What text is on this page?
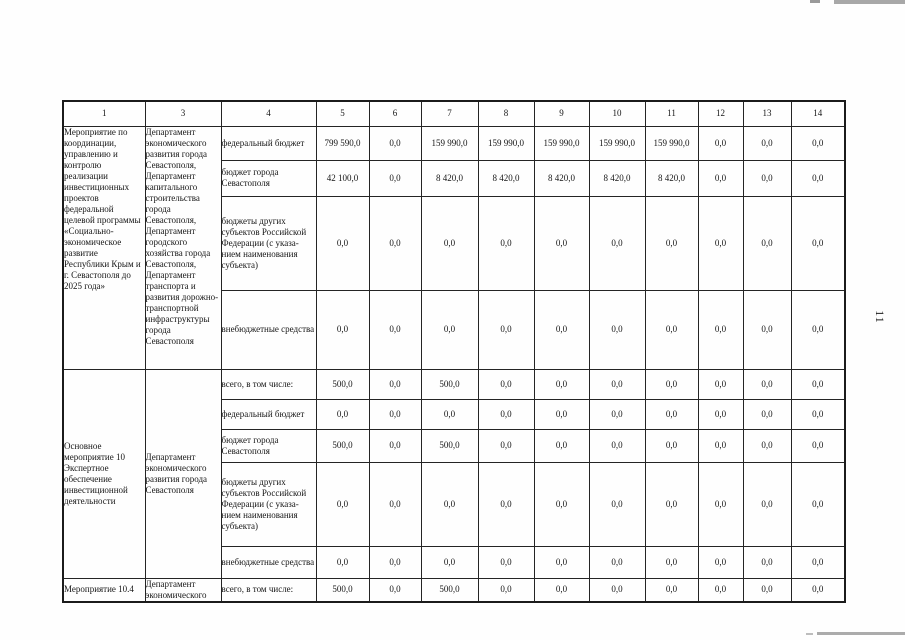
1	3	4	5	6	7	8	9	10	11	12	13	14
Мероприятие по координации, управлению и контролю реализации инвестиционных проектов федеральной целевой программы «Социально-экономическое развитие Республики Крым и г. Севастополя до 2025 года»	Департамент экономического развития города Севастополя, Департамент капитального строительства города Севастополя, Департамент городского хозяйства города Севастополя, Департамент транспорта и развития дорожно-транспортной инфраструктуры города Севастополя	федеральный бюджет	799 590,0	0,0	159 990,0	159 990,0	159 990,0	159 990,0	159 990,0	0,0	0,0	0,0
		бюджет города Севастополя	42 100,0	0,0	8 420,0	8 420,0	8 420,0	8 420,0	8 420,0	0,0	0,0	0,0
		бюджеты других субъектов Российской Федерации (с указа-нием наименования субъекта)	0,0	0,0	0,0	0,0	0,0	0,0	0,0	0,0	0,0	0,0
		внебюджетные средства	0,0	0,0	0,0	0,0	0,0	0,0	0,0	0,0	0,0	0,0
Основное мероприятие 10 Экспертное обеспечение инвестиционной деятельности	Департамент экономического развития города Севастополя	всего, в том числе:	500,0	0,0	500,0	0,0	0,0	0,0	0,0	0,0	0,0	0,0
		федеральный бюджет	0,0	0,0	0,0	0,0	0,0	0,0	0,0	0,0	0,0	0,0
		бюджет города Севастополя	500,0	0,0	500,0	0,0	0,0	0,0	0,0	0,0	0,0	0,0
		бюджеты других субъектов Российской Федерации (с указа-нием наименования субъекта)	0,0	0,0	0,0	0,0	0,0	0,0	0,0	0,0	0,0	0,0
		внебюджетные средства	0,0	0,0	0,0	0,0	0,0	0,0	0,0	0,0	0,0	0,0
Мероприятие 10.4	Департамент экономического	всего, в том числе:	500,0	0,0	500,0	0,0	0,0	0,0	0,0	0,0	0,0	0,0
11
